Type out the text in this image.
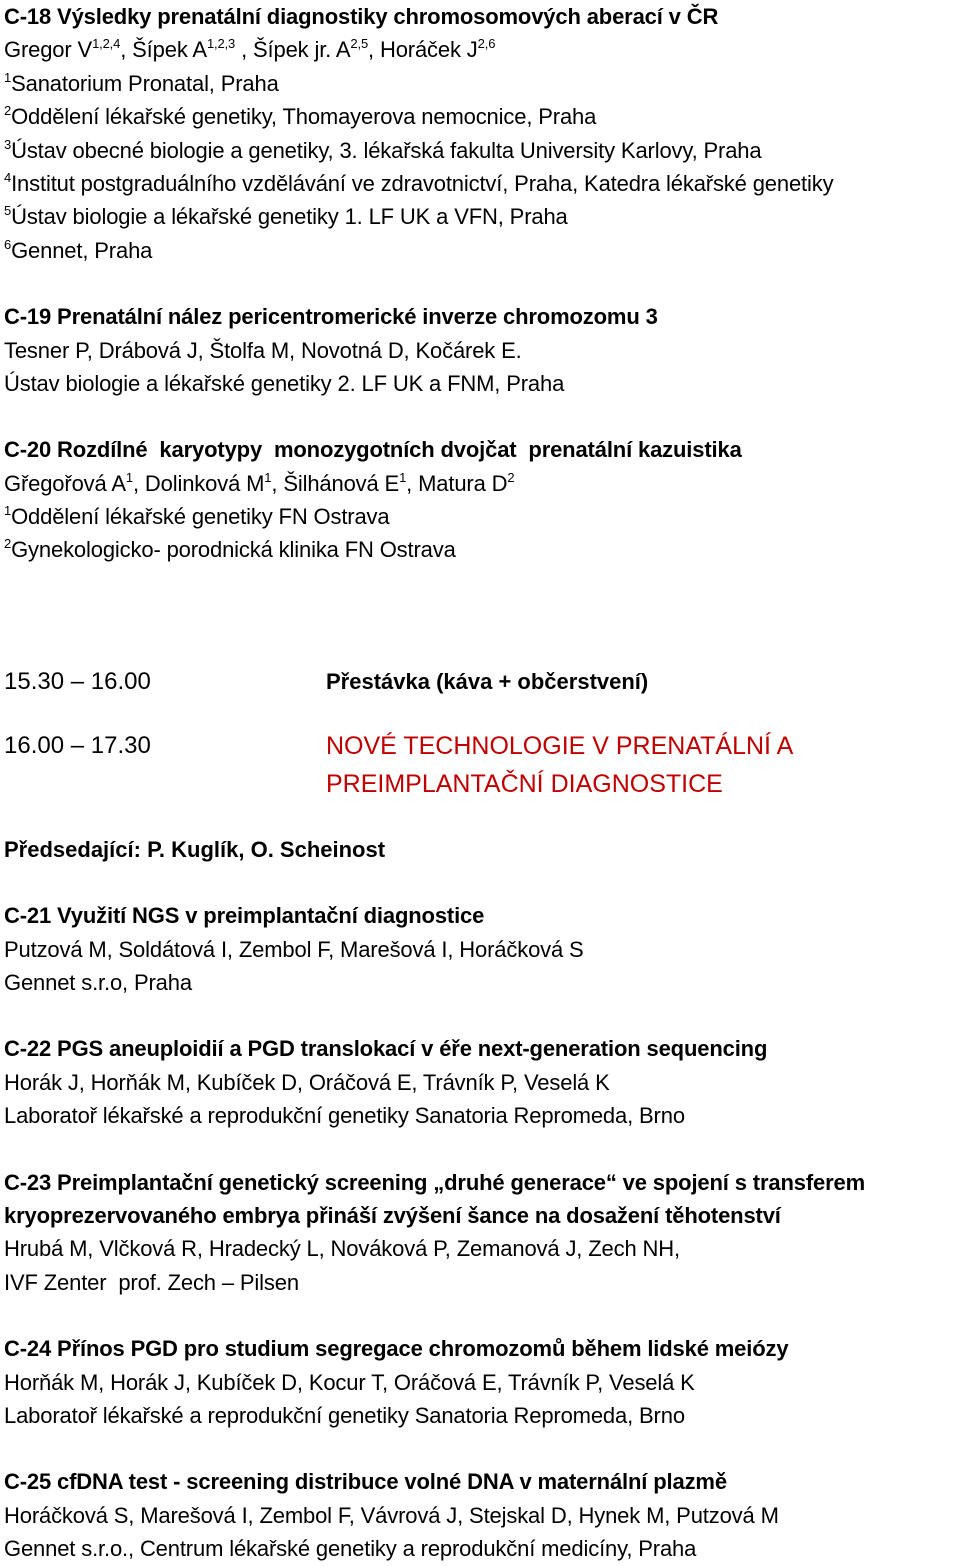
C-18 Výsledky prenatální diagnostiky chromosomových aberací v ČR
Gregor V$^{1,2,4}$, Šípek A$^{1,2,3}$ , Šípek jr. A$^{2,5}$, Horáček J$^{2,6}$
$^1$Sanatorium Pronatal, Praha
$^2$Oddělení lékařské genetiky, Thomayerova nemocnice, Praha
$^3$Ústav obecné biologie a genetiky, 3. lékařská fakulta University Karlovy, Praha
$^4$Institut postgraduálního vzdělávání ve zdravotnictví, Praha, Katedra lékařské genetiky
$^5$Ústav biologie a lékařské genetiky 1. LF UK a VFN, Praha
$^6$Gennet, Praha
C-19 Prenatální nález pericentromerické inverze chromozomu 3
Tesner P, Drábová J, Štolfa M, Novotná D, Kočárek E.
Ústav biologie a lékařské genetiky 2. LF UK a FNM, Praha
C-20 Rozdílné  karyotypy  monozygotních dvojčat  prenatální kazuistika
Gřegořová $A^1$, Dolinková $M^1$, Šilhánová $E^1$, Matura $D^2$
$^1$Oddělení lékařské genetiky FN Ostrava
$^2$Gynekologicko- porodnická klinika FN Ostrava
15.30 – 16.00	Přestávka (káva + občerstvení)
16.00 – 17.30	NOVÉ TECHNOLOGIE V PRENATÁLNÍ A
PREIMPLANTAČNÍ DIAGNOSTICE
Předsedající: P. Kuglík, O. Scheinost
C-21 Využití NGS v preimplantační diagnostice
Putzová M, Soldátová I, Zembol F, Marešová I, Horáčková S
Gennet s.r.o, Praha
C-22 PGS aneuploidií a PGD translokací v éře next-generation sequencing
Horák J, Horňák M, Kubíček D, Oráčová E, Trávník P, Veselá K
Laboratoř lékařské a reprodukční genetiky Sanatoria Repromeda, Brno
C-23 Preimplantační genetický screening „druhé generace“ ve spojení s transferem
kryoprezervovaného embrya přináší zvýšení šance na dosažení těhotenství
Hrubá M, Vlčková R, Hradecký L, Nováková P, Zemanová J, Zech NH,
IVF Zenter  prof. Zech – Pilsen
C-24 Přínos PGD pro studium segregace chromozomů během lidské meiózy
Horňák M, Horák J, Kubíček D, Kocur T, Oráčová E, Trávník P, Veselá K
Laboratoř lékařské a reprodukční genetiky Sanatoria Repromeda, Brno
C-25 cfDNA test - screening distribuce volné DNA v maternální plazmě
Horáčková S, Marešová I, Zembol F, Vávrová J, Stejskal D, Hynek M, Putzová M
Gennet s.r.o., Centrum lékařské genetiky a reprodukční medicíny, Praha
